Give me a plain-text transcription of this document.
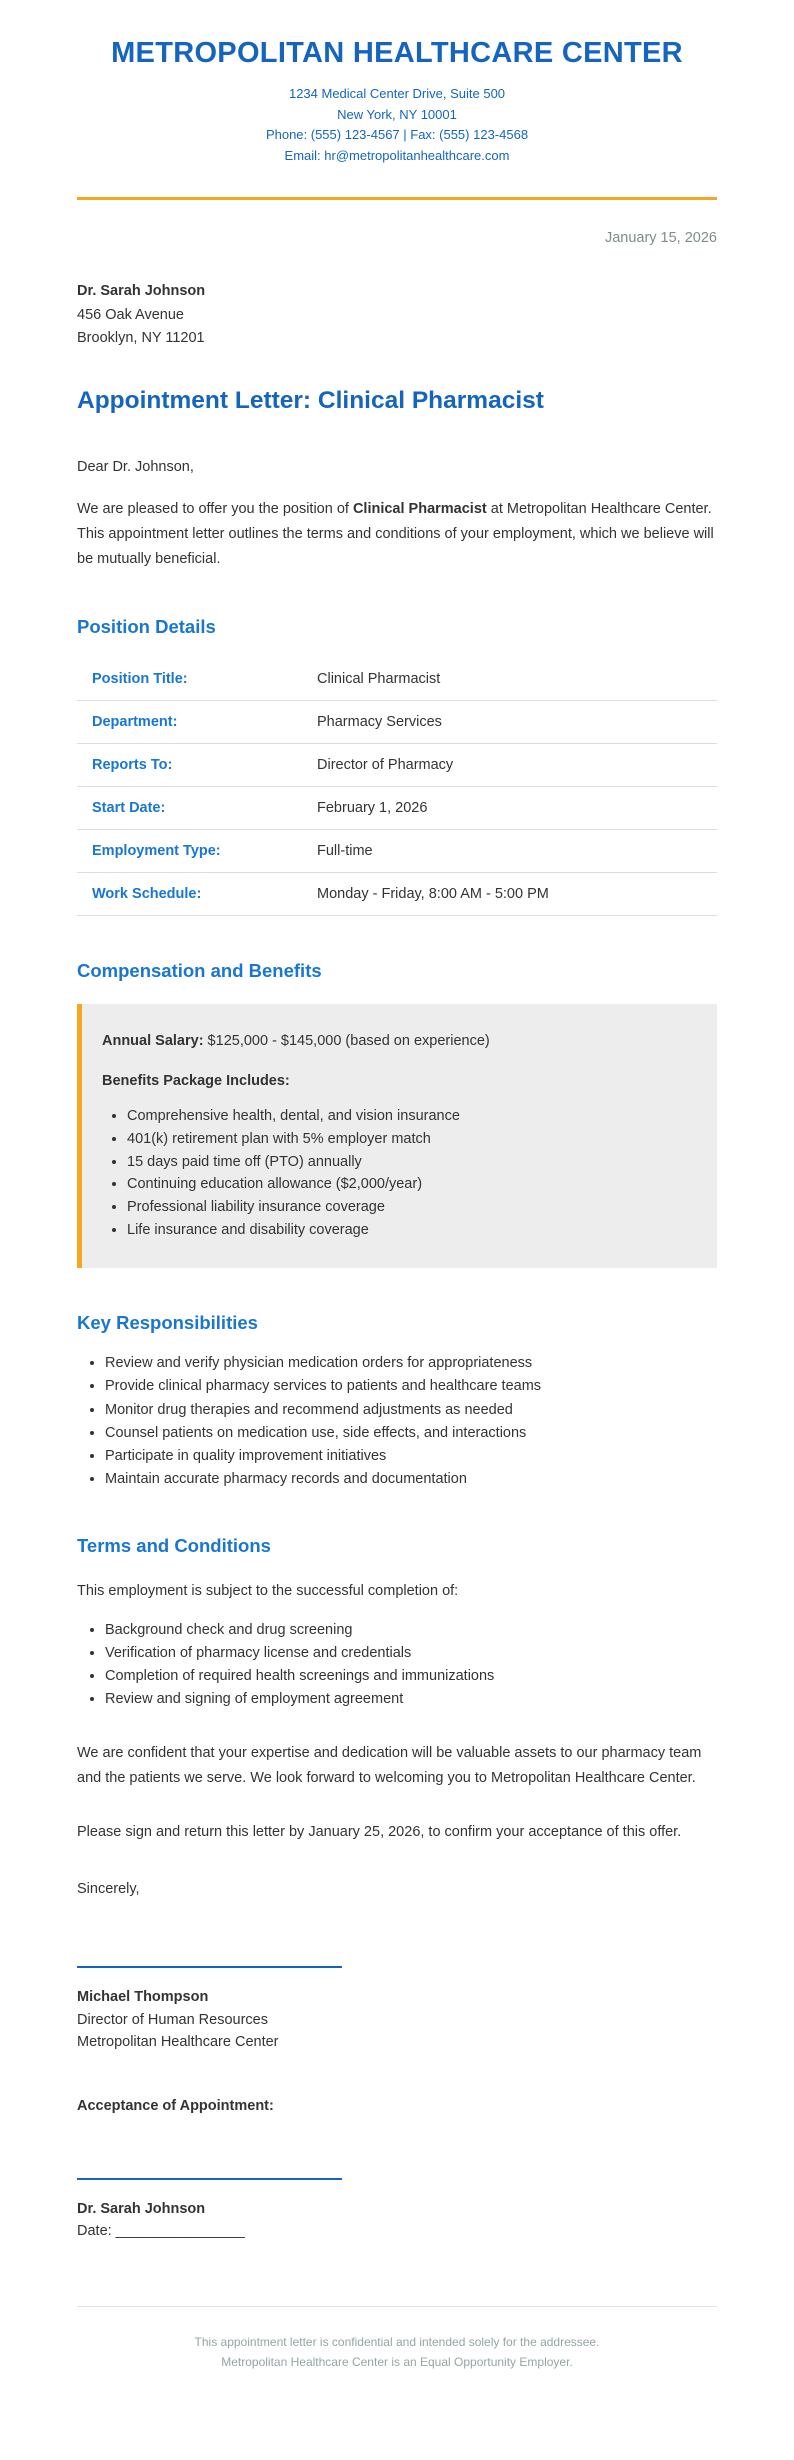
METROPOLITAN HEALTHCARE CENTER

1234 Medical Center Drive, Suite 500

New York, NY 10001

Phone: (555) 123-4567 | Fax: (555) 123-4568

Email: hr@metropolitanhealthcare.com

January 15, 2026

Dr. Sarah Johnson

456 Oak Avenue

Brooklyn, NY 11201

Appointment Letter: Clinical Pharmacist

Dear Dr. Johnson,

We are pleased to offer you the position of Clinical Pharmacist at Metropolitan Healthcare Center. This appointment letter outlines the terms and conditions of your employment, which we believe will be mutually beneficial.

Position Details
Position Title:	Clinical Pharmacist
Department:	Pharmacy Services
Reports To:	Director of Pharmacy
Start Date:	February 1, 2026
Employment Type:	Full-time
Work Schedule:	Monday - Friday, 8:00 AM - 5:00 PM
Compensation and Benefits

Annual Salary: $125,000 - $145,000 (based on experience)

Benefits Package Includes:

• Comprehensive health, dental, and vision insurance
• 401(k) retirement plan with 5% employer match
• 15 days paid time off (PTO) annually
• Continuing education allowance ($2,000/year)
• Professional liability insurance coverage
• Life insurance and disability coverage
Key Responsibilities
• Review and verify physician medication orders for appropriateness
• Provide clinical pharmacy services to patients and healthcare teams
• Monitor drug therapies and recommend adjustments as needed
• Counsel patients on medication use, side effects, and interactions
• Participate in quality improvement initiatives
• Maintain accurate pharmacy records and documentation
Terms and Conditions

This employment is subject to the successful completion of:

• Background check and drug screening
• Verification of pharmacy license and credentials
• Completion of required health screenings and immunizations
• Review and signing of employment agreement

We are confident that your expertise and dedication will be valuable assets to our pharmacy team and the patients we serve. We look forward to welcoming you to Metropolitan Healthcare Center.

Please sign and return this letter by January 25, 2026, to confirm your acceptance of this offer.

Sincerely,

Michael Thompson

Director of Human Resources

Metropolitan Healthcare Center

Acceptance of Appointment:

Dr. Sarah Johnson

Date: ________________

This appointment letter is confidential and intended solely for the addressee.

Metropolitan Healthcare Center is an Equal Opportunity Employer.
